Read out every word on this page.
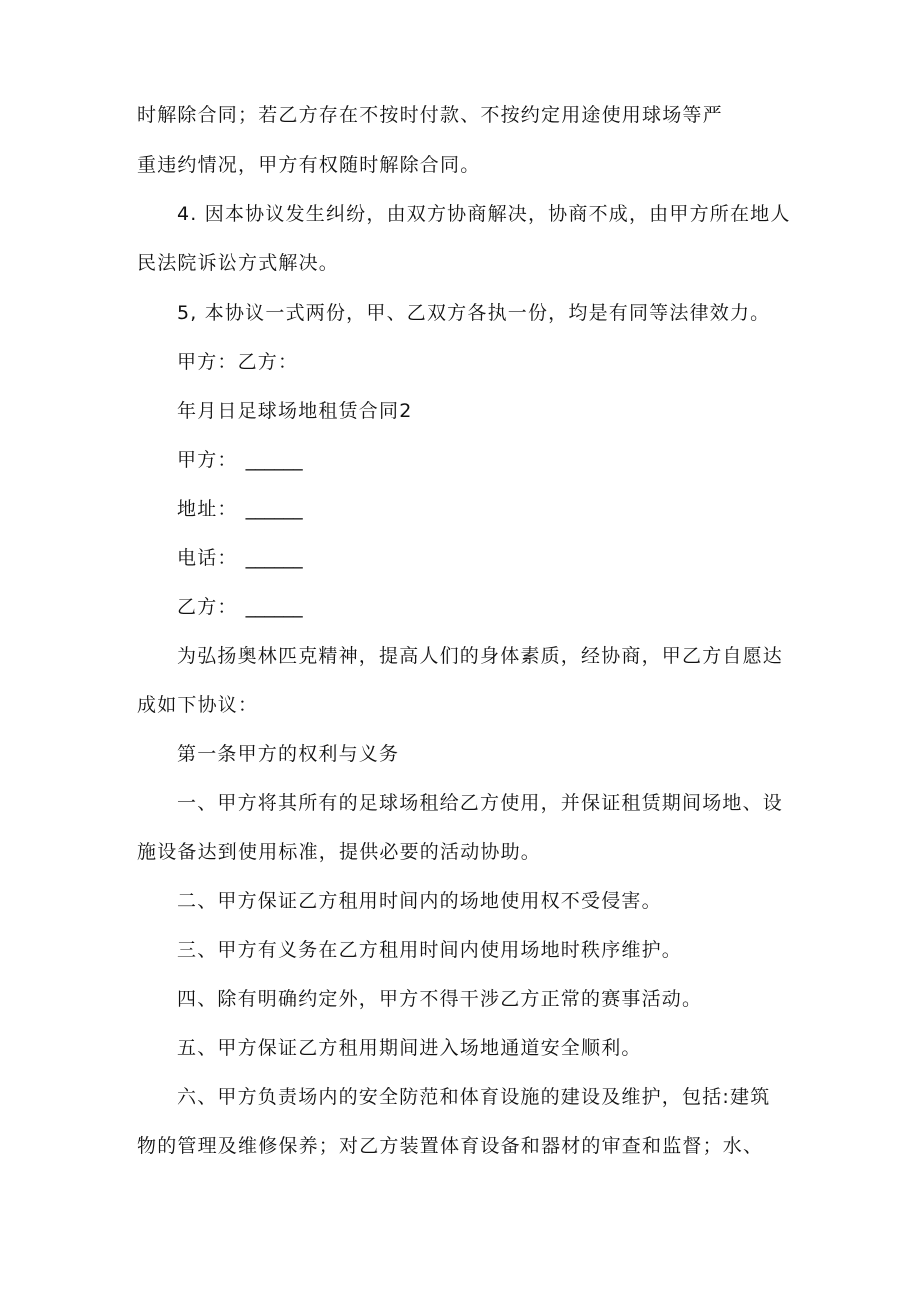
时解除合同；若乙方存在不按时付款、不按约定用途使用球场等严
重违约情况，甲方有权随时解除合同。
4. 因本协议发生纠纷，由双方协商解决，协商不成，由甲方所在地人
民法院诉讼方式解决。
5, 本协议一式两份，甲、乙双方各执一份，均是有同等法律效力。
甲方：乙方：
年月日足球场地租赁合同2
甲方： ______
地址： ______
电话： ______
乙方： ______
为弘扬奥林匹克精神，提高人们的身体素质，经协商，甲乙方自愿达
成如下协议：
第一条甲方的权利与义务
一、甲方将其所有的足球场租给乙方使用，并保证租赁期间场地、设
施设备达到使用标准，提供必要的活动协助。
二、甲方保证乙方租用时间内的场地使用权不受侵害。
三、甲方有义务在乙方租用时间内使用场地时秩序维护。
四、除有明确约定外，甲方不得干涉乙方正常的赛事活动。
五、甲方保证乙方租用期间进入场地通道安全顺利。
六、甲方负责场内的安全防范和体育设施的建设及维护，包括:建筑
物的管理及维修保养；对乙方装置体育设备和器材的审查和监督；水、
